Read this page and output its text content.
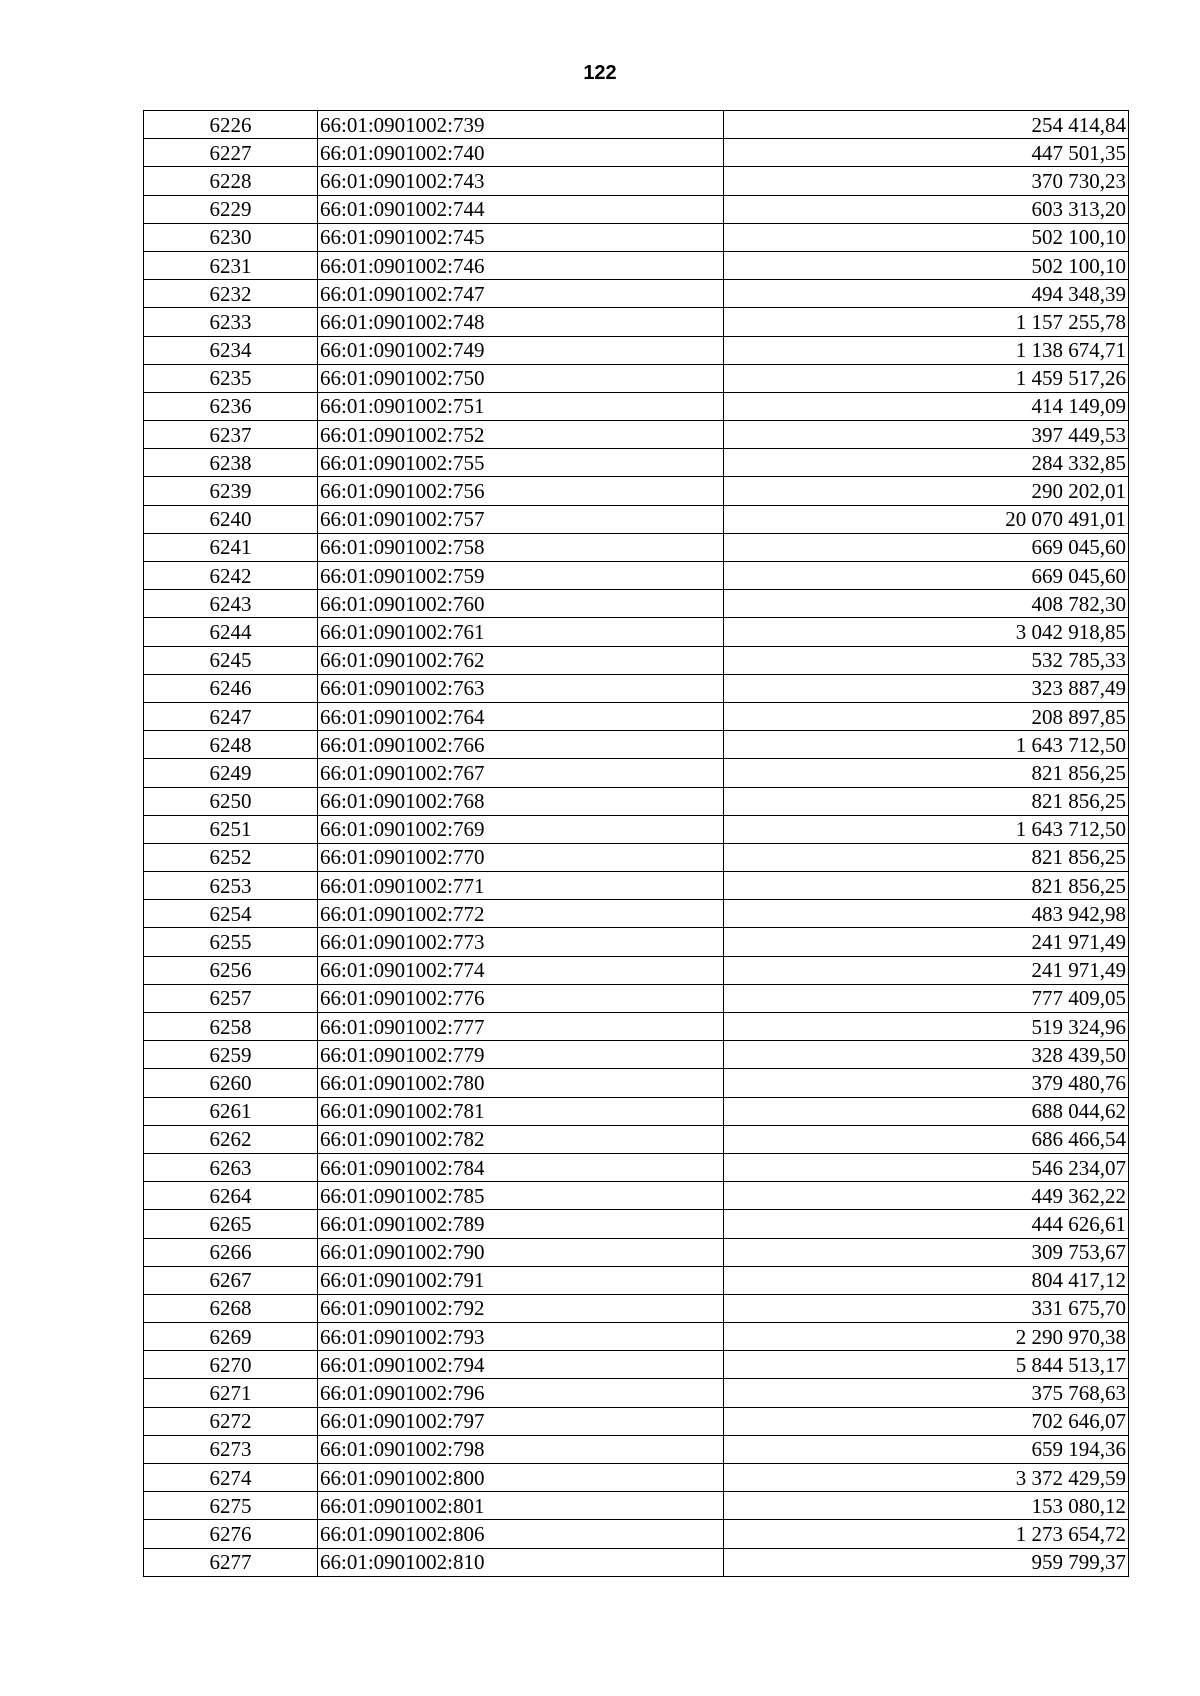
122
6226	66:01:0901002:739	254 414,84
6227	66:01:0901002:740	447 501,35
6228	66:01:0901002:743	370 730,23
6229	66:01:0901002:744	603 313,20
6230	66:01:0901002:745	502 100,10
6231	66:01:0901002:746	502 100,10
6232	66:01:0901002:747	494 348,39
6233	66:01:0901002:748	1 157 255,78
6234	66:01:0901002:749	1 138 674,71
6235	66:01:0901002:750	1 459 517,26
6236	66:01:0901002:751	414 149,09
6237	66:01:0901002:752	397 449,53
6238	66:01:0901002:755	284 332,85
6239	66:01:0901002:756	290 202,01
6240	66:01:0901002:757	20 070 491,01
6241	66:01:0901002:758	669 045,60
6242	66:01:0901002:759	669 045,60
6243	66:01:0901002:760	408 782,30
6244	66:01:0901002:761	3 042 918,85
6245	66:01:0901002:762	532 785,33
6246	66:01:0901002:763	323 887,49
6247	66:01:0901002:764	208 897,85
6248	66:01:0901002:766	1 643 712,50
6249	66:01:0901002:767	821 856,25
6250	66:01:0901002:768	821 856,25
6251	66:01:0901002:769	1 643 712,50
6252	66:01:0901002:770	821 856,25
6253	66:01:0901002:771	821 856,25
6254	66:01:0901002:772	483 942,98
6255	66:01:0901002:773	241 971,49
6256	66:01:0901002:774	241 971,49
6257	66:01:0901002:776	777 409,05
6258	66:01:0901002:777	519 324,96
6259	66:01:0901002:779	328 439,50
6260	66:01:0901002:780	379 480,76
6261	66:01:0901002:781	688 044,62
6262	66:01:0901002:782	686 466,54
6263	66:01:0901002:784	546 234,07
6264	66:01:0901002:785	449 362,22
6265	66:01:0901002:789	444 626,61
6266	66:01:0901002:790	309 753,67
6267	66:01:0901002:791	804 417,12
6268	66:01:0901002:792	331 675,70
6269	66:01:0901002:793	2 290 970,38
6270	66:01:0901002:794	5 844 513,17
6271	66:01:0901002:796	375 768,63
6272	66:01:0901002:797	702 646,07
6273	66:01:0901002:798	659 194,36
6274	66:01:0901002:800	3 372 429,59
6275	66:01:0901002:801	153 080,12
6276	66:01:0901002:806	1 273 654,72
6277	66:01:0901002:810	959 799,37
